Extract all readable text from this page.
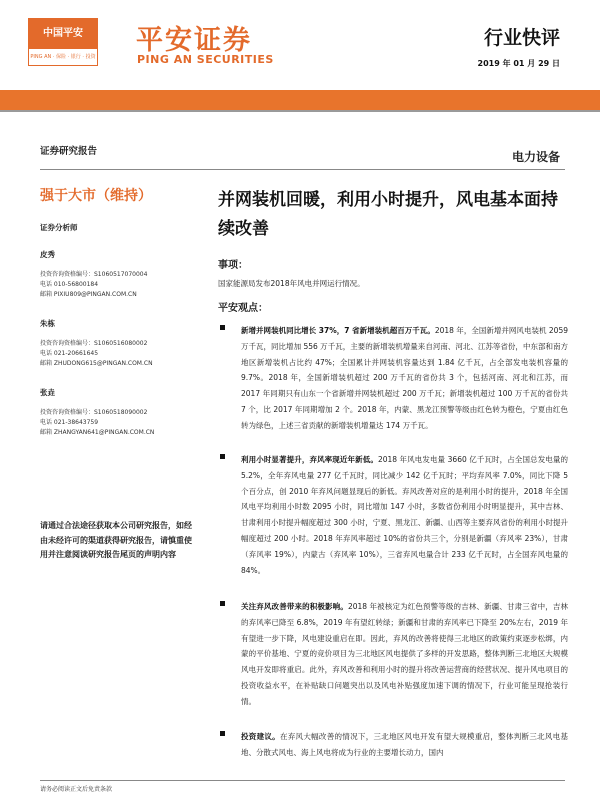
中国平安
PING AN · 保险 · 银行 · 投资
平安证券
PING AN SECURITIES
行业快评
2019 年 01 月 29 日
证券研究报告	电力设备
强于大市（维持）
证券分析师
皮秀
投资咨询资格编号：S1060517070004
电话 010-56800184
邮箱 PIXIU809@PINGAN.COM.CN
朱栋
投资咨询资格编号：S1060516080002
电话 021-20661645
邮箱 ZHUDONG615@PINGAN.COM.CN
张垚
投资咨询资格编号：S1060518090002
电话 021-38643759
邮箱 ZHANGYAN641@PINGAN.COM.CN
请通过合法途径获取本公司研究报告，如经由未经许可的渠道获得研究报告，请慎重使用并注意阅读研究报告尾页的声明内容
并网装机回暖，利用小时提升，风电基本面持续改善
事项：
国家能源局发布2018年风电并网运行情况。
平安观点：
新增并网装机同比增长 37%，7 省新增装机超百万千瓦。2018 年，全国新增并网风电装机 2059 万千瓦，同比增加 556 万千瓦，主要的新增装机增量来自河南、河北、江苏等省份，中东部和南方地区新增装机占比约 47%；全国累计并网装机容量达到 1.84 亿千瓦，占全部发电装机容量的 9.7%。2018 年，全国新增装机超过 200 万千瓦的省份共 3 个，包括河南、河北和江苏，而 2017 年同期只有山东一个省新增并网装机超过 200 万千瓦；新增装机超过 100 万千瓦的省份共 7 个，比 2017 年同期增加 2 个。2018 年，内蒙、黑龙江预警等级由红色转为橙色，宁夏由红色转为绿色，上述三省贡献的新增装机增量达 174 万千瓦。
利用小时显著提升，弃风率现近年新低。2018 年风电发电量 3660 亿千瓦时，占全国总发电量的 5.2%，全年弃风电量 277 亿千瓦时，同比减少 142 亿千瓦时；平均弃风率 7.0%，同比下降 5 个百分点，创 2010 年弃风问题显现后的新低。弃风改善对应的是利用小时的提升，2018 年全国风电平均利用小时数 2095 小时，同比增加 147 小时，多数省份利用小时明显提升，其中吉林、甘肃利用小时提升幅度超过 300 小时，宁夏、黑龙江、新疆、山西等主要弃风省份的利用小时提升幅度超过 200 小时。2018 年弃风率超过 10%的省份共三个，分别是新疆（弃风率 23%），甘肃（弃风率 19%），内蒙古（弃风率 10%），三省弃风电量合计 233 亿千瓦时，占全国弃风电量的 84%。
关注弃风改善带来的积极影响。2018 年被核定为红色预警等级的吉林、新疆、甘肃三省中，吉林的弃风率已降至 6.8%，2019 年有望红转绿；新疆和甘肃的弃风率已下降至 20%左右，2019 年有望进一步下降，风电建设重启在即。因此，弃风的改善将使得三北地区的政策约束逐步松绑，内蒙的平价基地、宁夏的竞价项目为三北地区风电提供了多样的开发思路，整体判断三北地区大规模风电开发即将重启。此外，弃风改善和利用小时的提升将改善运营商的经营状况、提升风电项目的投资收益水平，在补贴缺口问题突出以及风电补贴强度加速下调的情况下，行业可能呈现抢装行情。
投资建议。在弃风大幅改善的情况下，三北地区风电开发有望大规模重启，整体判断三北风电基地、分散式风电、海上风电将成为行业的主要增长动力，国内
请务必阅读正文后免责条款
